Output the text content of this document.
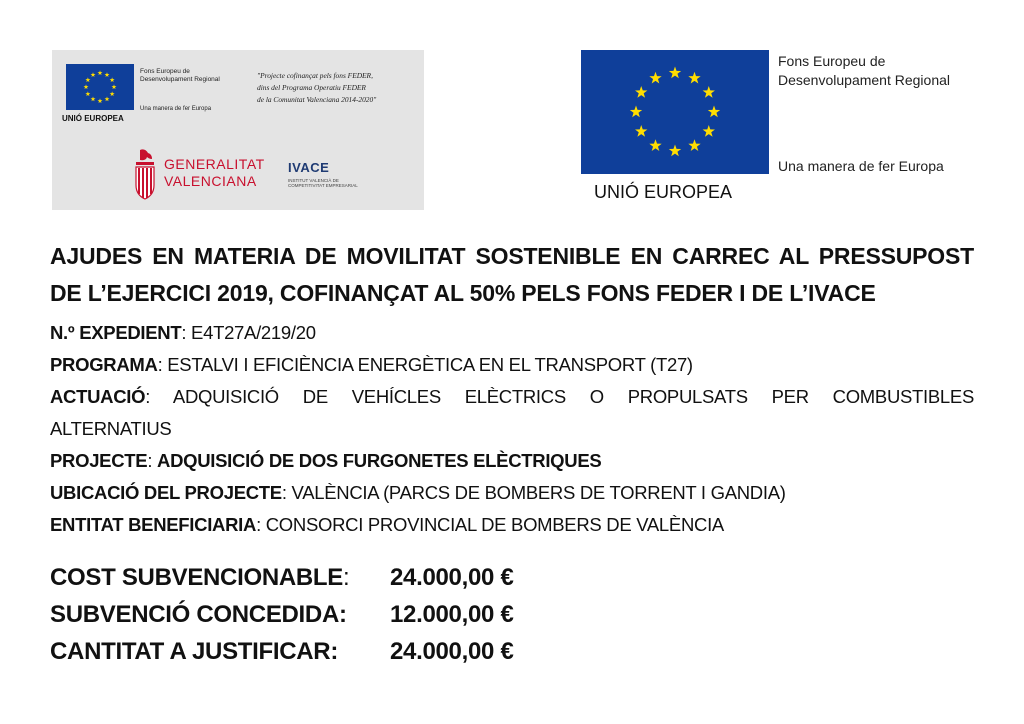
UNIÓ EUROPEA
Fons Europeu de
Desenvolupament Regional
Una manera de fer Europa
"Projecte cofinançat pels fons FEDER,
dins del Programa Operatiu FEDER
de la Comunitat Valenciana 2014-2020"
GENERALITAT
VALENCIANA
IVACE
INSTITUT VALENCIÀ DE
COMPETITIVITAT EMPRESARIAL	UNIÓ EUROPEA
Fons Europeu de
Desenvolupament Regional
Una manera de fer Europa
AJUDES EN MATERIA DE MOVILITAT SOSTENIBLE EN CARREC AL PRESSUPOST DE L’EJERCICI 2019, COFINANÇAT AL 50% PELS FONS FEDER I DE L’IVACE
N.º EXPEDIENT: E4T27A/219/20
PROGRAMA: ESTALVI I EFICIÈNCIA ENERGÈTICA EN EL TRANSPORT (T27)
ACTUACIÓ: ADQUISICIÓ DE VEHÍCLES ELÈCTRICS O PROPULSATS PER COMBUSTIBLES
ALTERNATIUS
PROJECTE: ADQUISICIÓ DE DOS FURGONETES ELÈCTRIQUES
UBICACIÓ DEL PROJECTE: VALÈNCIA (PARCS DE BOMBERS DE TORRENT I GANDIA)
ENTITAT BENEFICIARIA: CONSORCI PROVINCIAL DE BOMBERS DE VALÈNCIA
COST SUBVENCIONABLE: 24.000,00 €
SUBVENCIÓ CONCEDIDA: 12.000,00 €
CANTITAT A JUSTIFICAR: 24.000,00 €
